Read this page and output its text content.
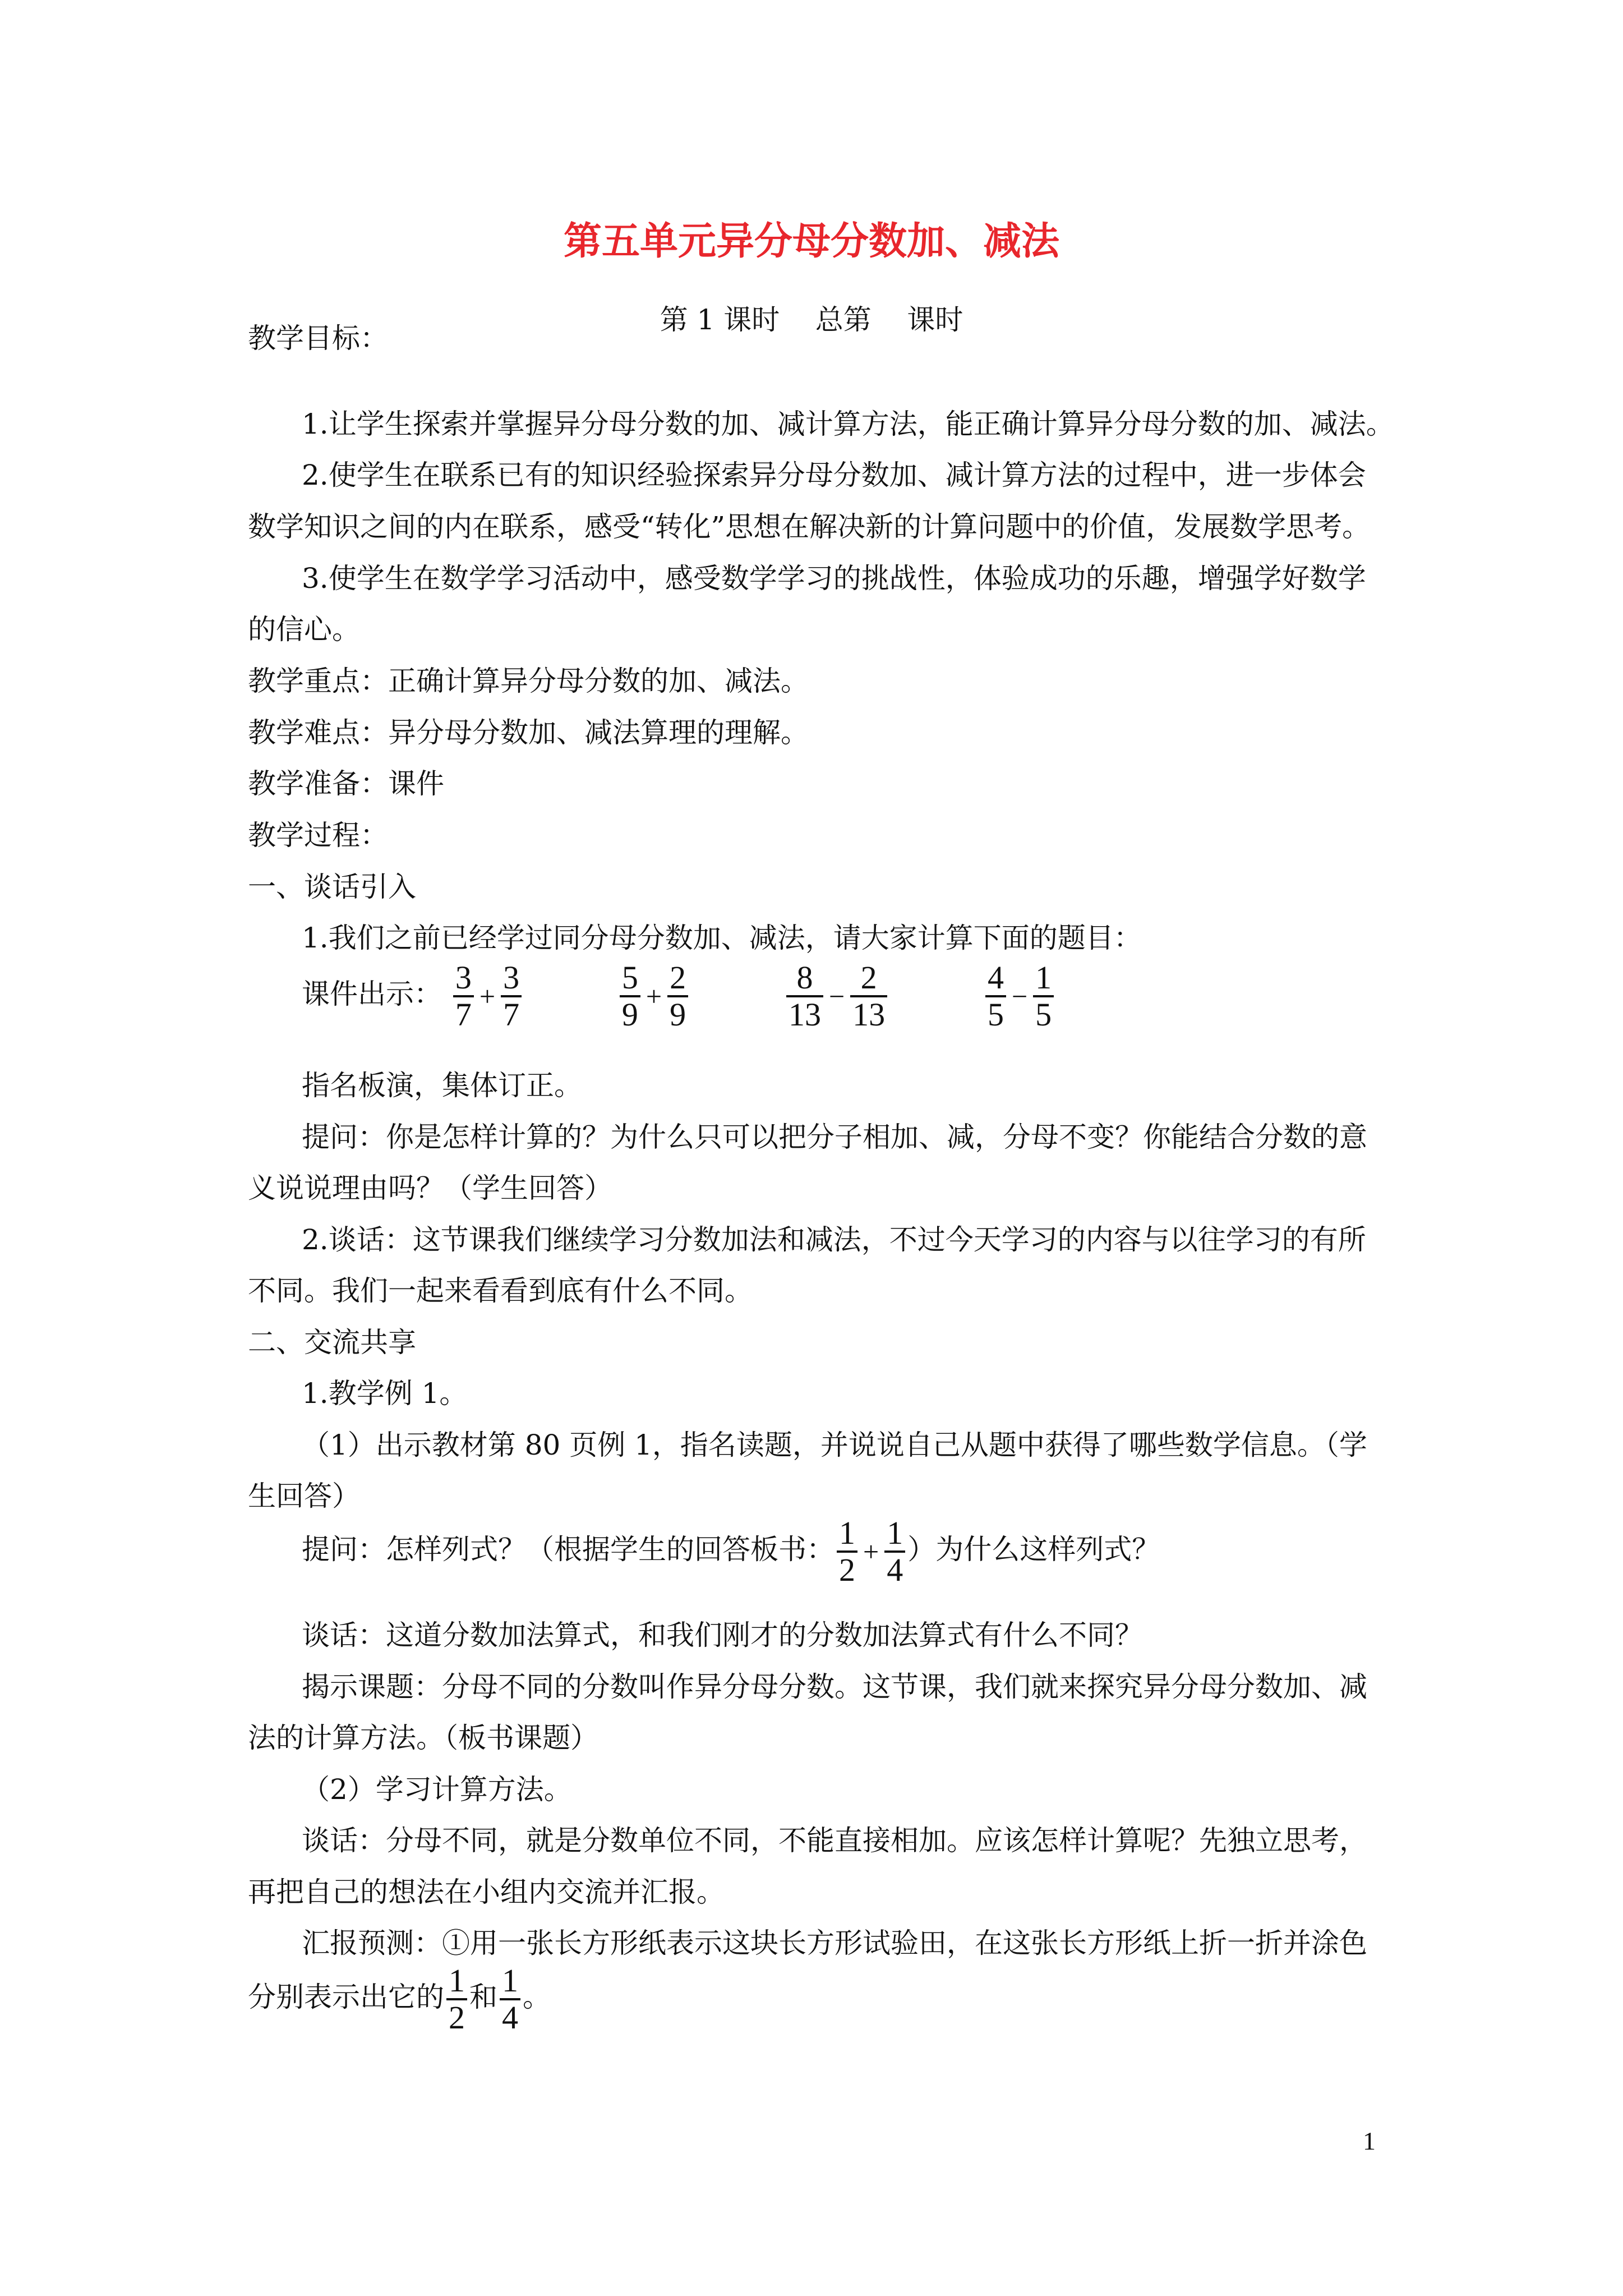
第五单元异分母分数加、减法
第 1 课时    总第    课时
教学目标：
1.让学生探索并掌握异分母分数的加、减计算方法，能正确计算异分母分数的加、减法。
2.使学生在联系已有的知识经验探索异分母分数加、减计算方法的过程中，进一步体会
数学知识之间的内在联系，感受“转化”思想在解决新的计算问题中的价值，发展数学思考。
3.使学生在数学学习活动中，感受数学学习的挑战性，体验成功的乐趣，增强学好数学
的信心。
教学重点：正确计算异分母分数的加、减法。
教学难点：异分母分数加、减法算理的理解。
教学准备：课件
教学过程：
一、谈话引入
1.我们之前已经学过同分母分数加、减法，请大家计算下面的题目：
课件出示： $\frac{3}{7} + \frac{3}{7}$
	$\frac{5}{9} + \frac{2}{9}$
	$\frac{8}{13} - \frac{2}{13}$
	$\frac{4}{5} - \frac{1}{5}$
指名板演，集体订正。
提问：你是怎样计算的？为什么只可以把分子相加、减，分母不变？你能结合分数的意
义说说理由吗？（学生回答）
2.谈话：这节课我们继续学习分数加法和减法，不过今天学习的内容与以往学习的有所
不同。我们一起来看看到底有什么不同。
二、交流共享
1.教学例 1。
（1）出示教材第 80 页例 1，指名读题，并说说自己从题中获得了哪些数学信息。（学
生回答）
提问：怎样列式？（根据学生的回答板书： $\frac{1}{2} + \frac{1}{4}$ ）为什么这样列式？
谈话：这道分数加法算式，和我们刚才的分数加法算式有什么不同？
揭示课题：分母不同的分数叫作异分母分数。这节课，我们就来探究异分母分数加、减
法的计算方法。（板书课题）
（2）学习计算方法。
谈话：分母不同，就是分数单位不同，不能直接相加。应该怎样计算呢？先独立思考，
再把自己的想法在小组内交流并汇报。
汇报预测：①用一张长方形纸表示这块长方形试验田，在这张长方形纸上折一折并涂色
分别表示出它的 $\frac{1}{2}$ 和 $\frac{1}{4}$ 。
1
